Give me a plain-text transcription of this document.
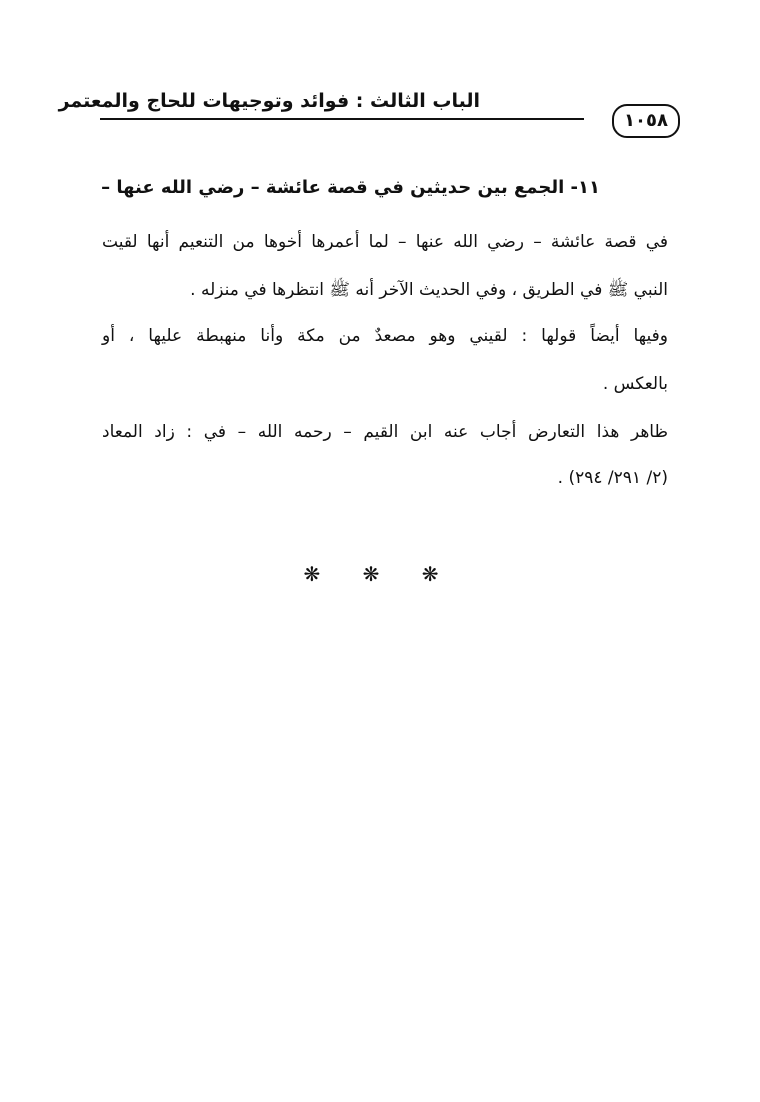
الباب الثالث : فوائد وتوجيهات للحاج والمعتمر
١٠٥٨
١١- الجمع بين حديثين في قصة عائشة – رضي الله عنها –
في قصة عائشة – رضي الله عنها – لما أعمرها أخوها من التنعيم أنها لقيت
النبي ﷺ في الطريق ، وفي الحديث الآخر أنه ﷺ انتظرها في منزله .
وفيها أيضاً قولها : لقيني وهو مصعدٌ من مكة وأنا منهبطة عليها ، أو
بالعكس .
ظاهر هذا التعارض أجاب عنه ابن القيم – رحمه الله – في : زاد المعاد
(٢/ ٢٩١/ ٢٩٤) .
❋ ❋ ❋
